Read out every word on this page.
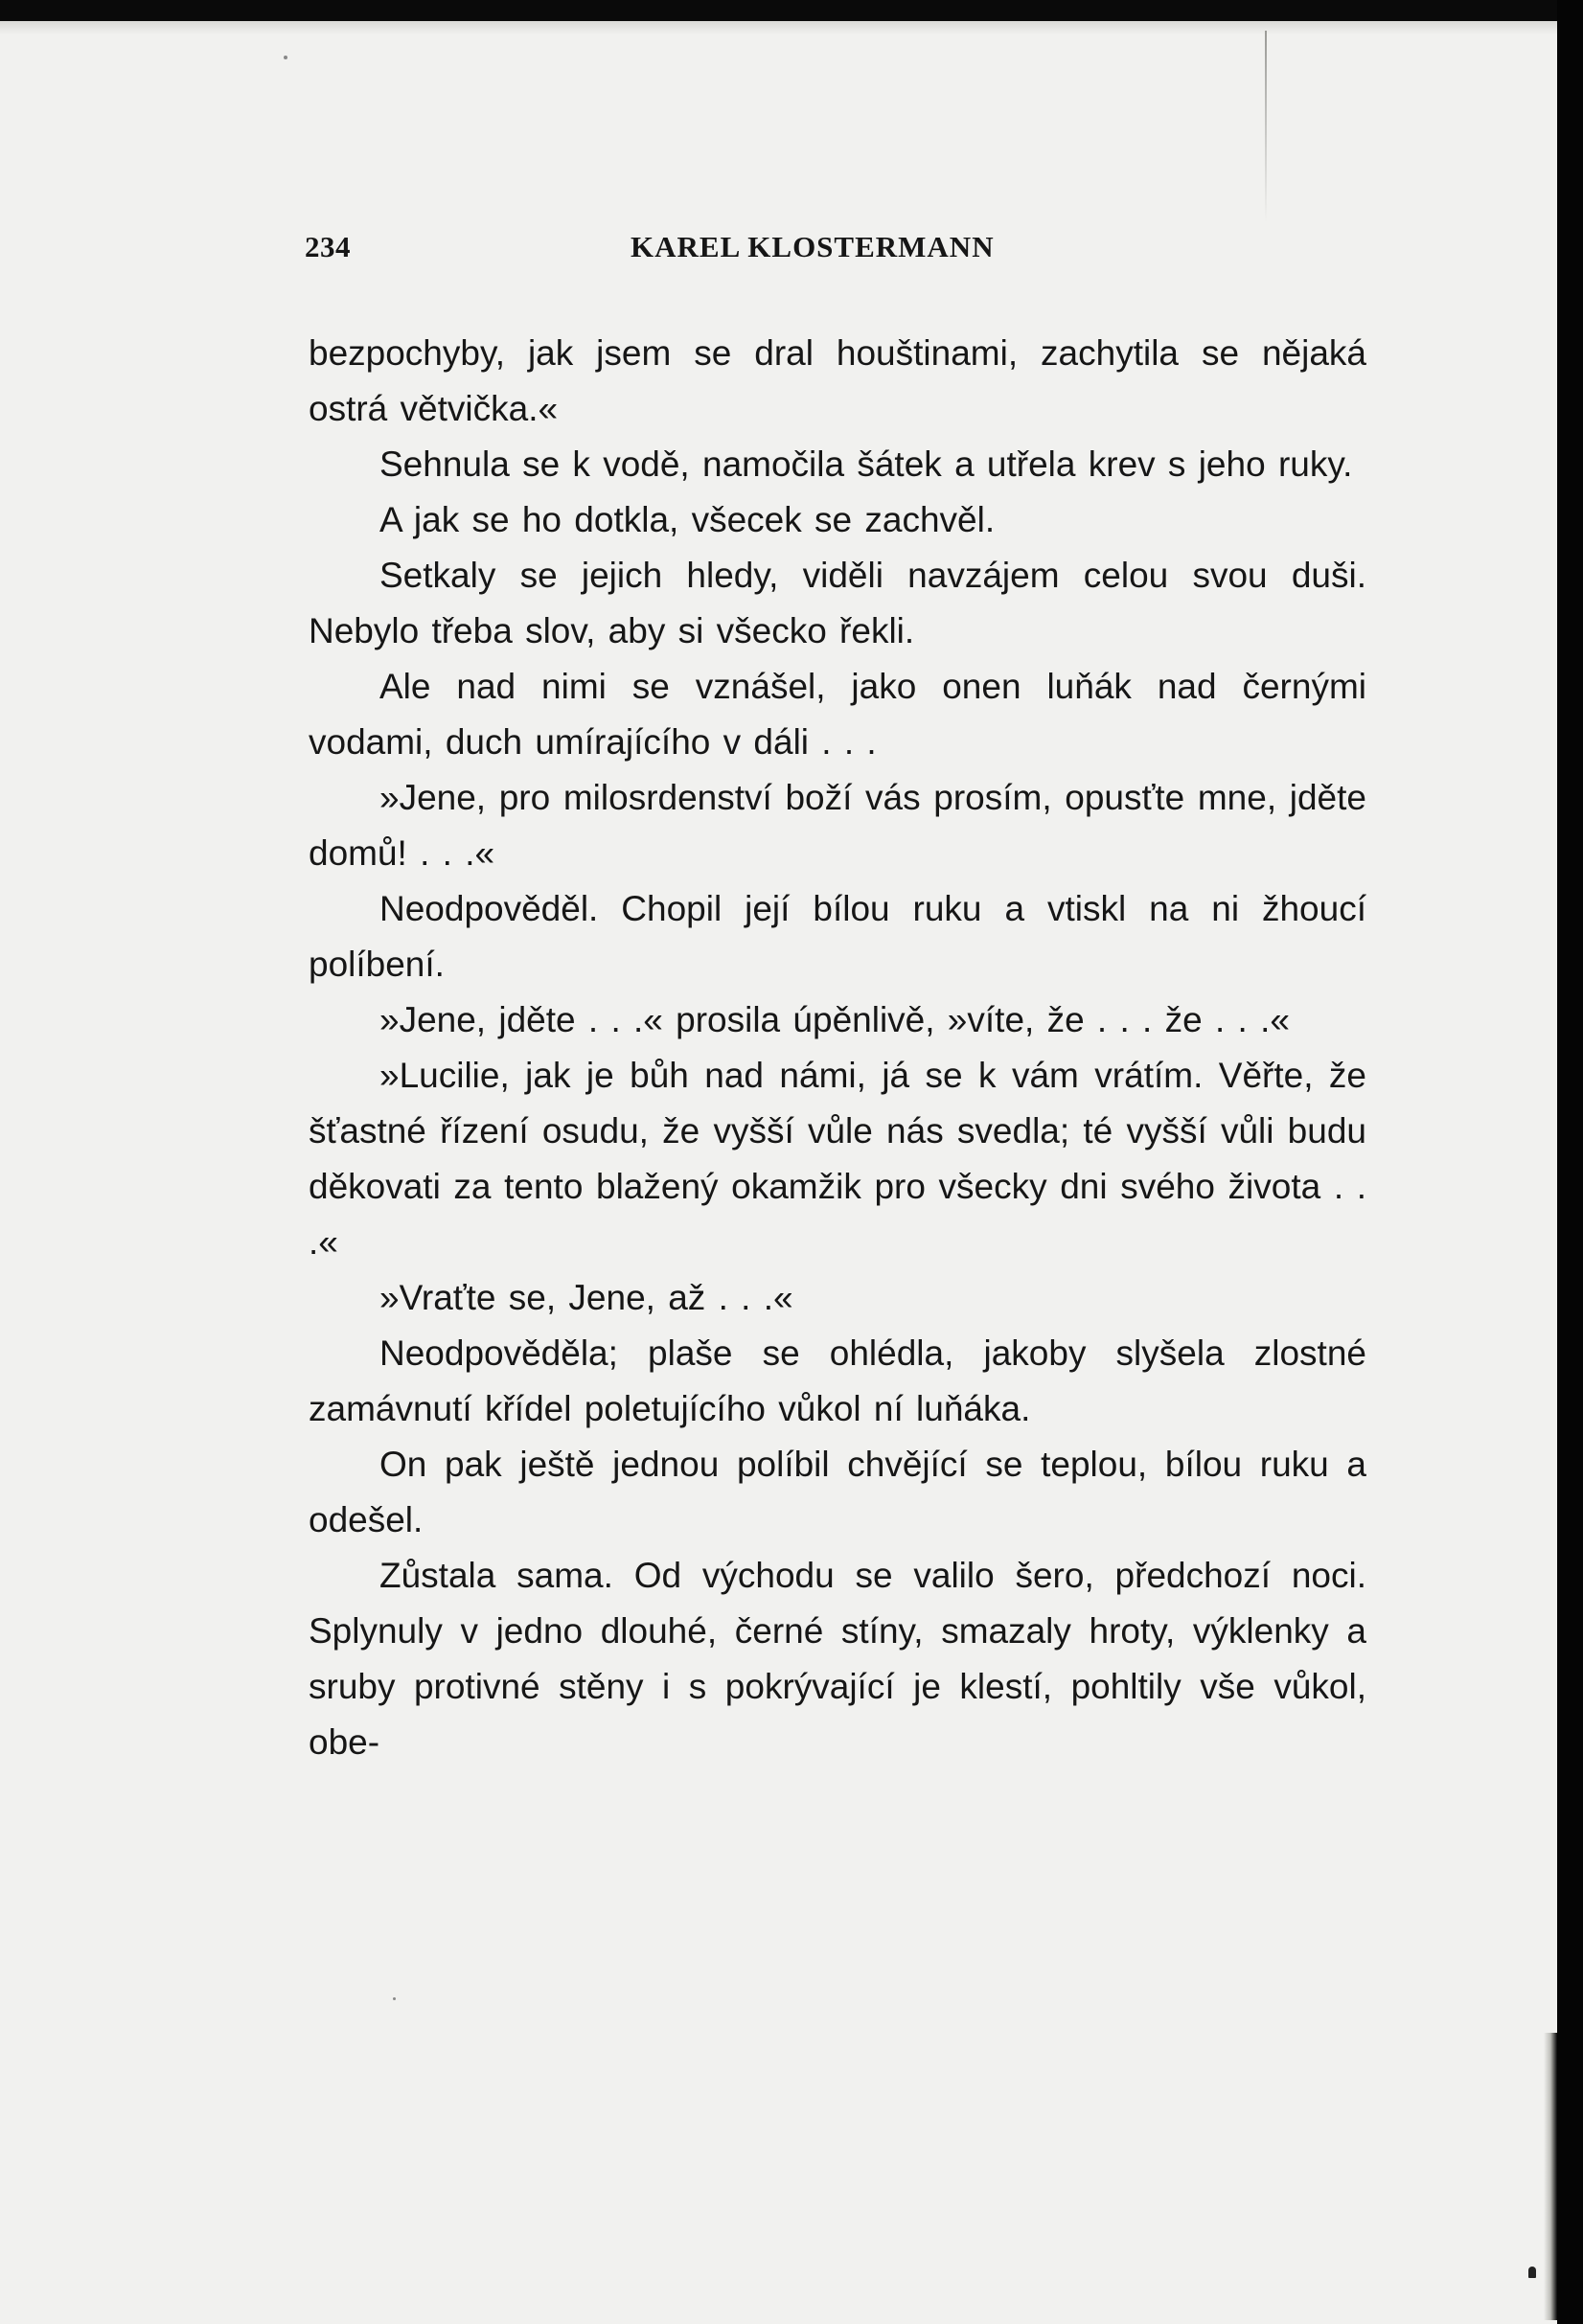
234	KAREL KLOSTERMANN

bezpochyby, jak jsem se dral houštinami, zachytila se nějaká ostrá větvička.«

Sehnula se k vodě, namočila šátek a utřela krev s jeho ruky.

A jak se ho dotkla, všecek se zachvěl.

Setkaly se jejich hledy, viděli navzájem celou svou duši. Nebylo třeba slov, aby si všecko řekli.

Ale nad nimi se vznášel, jako onen luňák nad černými vodami, duch umírajícího v dáli . . .

»Jene, pro milosrdenství boží vás prosím, opusťte mne, jděte domů! . . .«

Neodpověděl. Chopil její bílou ruku a vtiskl na ni žhoucí políbení.

»Jene, jděte . . .« prosila úpěnlivě, »víte, že . . . že . . .«

»Lucilie, jak je bůh nad námi, já se k vám vrátím. Věřte, že šťastné řízení osudu, že vyšší vůle nás svedla; té vyšší vůli budu děkovati za tento blažený okamžik pro všecky dni svého života . . .«

»Vraťte se, Jene, až . . .«

Neodpověděla; plaše se ohlédla, jakoby slyšela zlostné zamávnutí křídel poletujícího vůkol ní luňáka.

On pak ještě jednou políbil chvějící se teplou, bílou ruku a odešel.

Zůstala sama. Od východu se valilo šero, předchozí noci. Splynuly v jedno dlouhé, černé stíny, smazaly hroty, výklenky a sruby protivné stěny i s pokrývající je klestí, pohltily vše vůkol, obe-
